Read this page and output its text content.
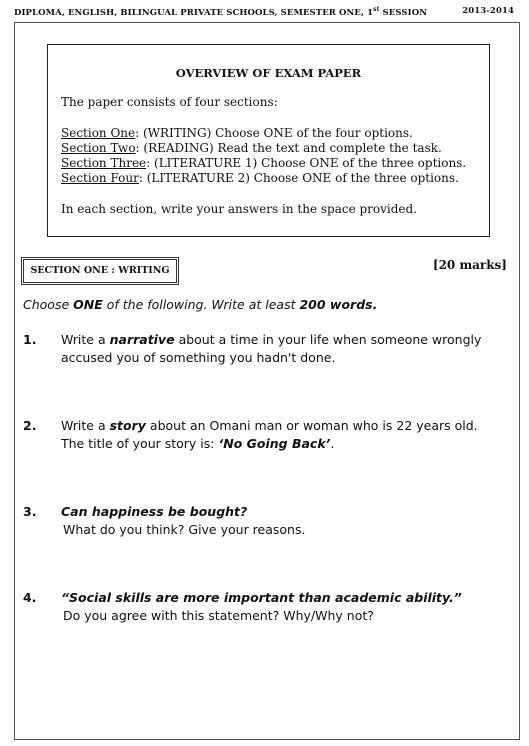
DIPLOMA, ENGLISH, BILINGUAL PRIVATE SCHOOLS, SEMESTER ONE, 1st SESSION	2013-2014
OVERVIEW OF EXAM PAPER

The paper consists of four sections:

Section One: (WRITING) Choose ONE of the four options.

Section Two: (READING) Read the text and complete the task.

Section Three: (LITERATURE 1) Choose ONE of the three options.

Section Four: (LITERATURE 2) Choose ONE of the three options.

In each section, write your answers in the space provided.

SECTION ONE : WRITING	[20 marks]
Choose ONE of the following. Write at least 200 words.
1. Write a narrative about a time in your life when someone wrongly
accused you of something you hadn't done.
2. Write a story about an Omani man or woman who is 22 years old.
The title of your story is: ‘No Going Back’.
3. Can happiness be bought?
What do you think? Give your reasons.
4. “Social skills are more important than academic ability.”
Do you agree with this statement? Why/Why not?
